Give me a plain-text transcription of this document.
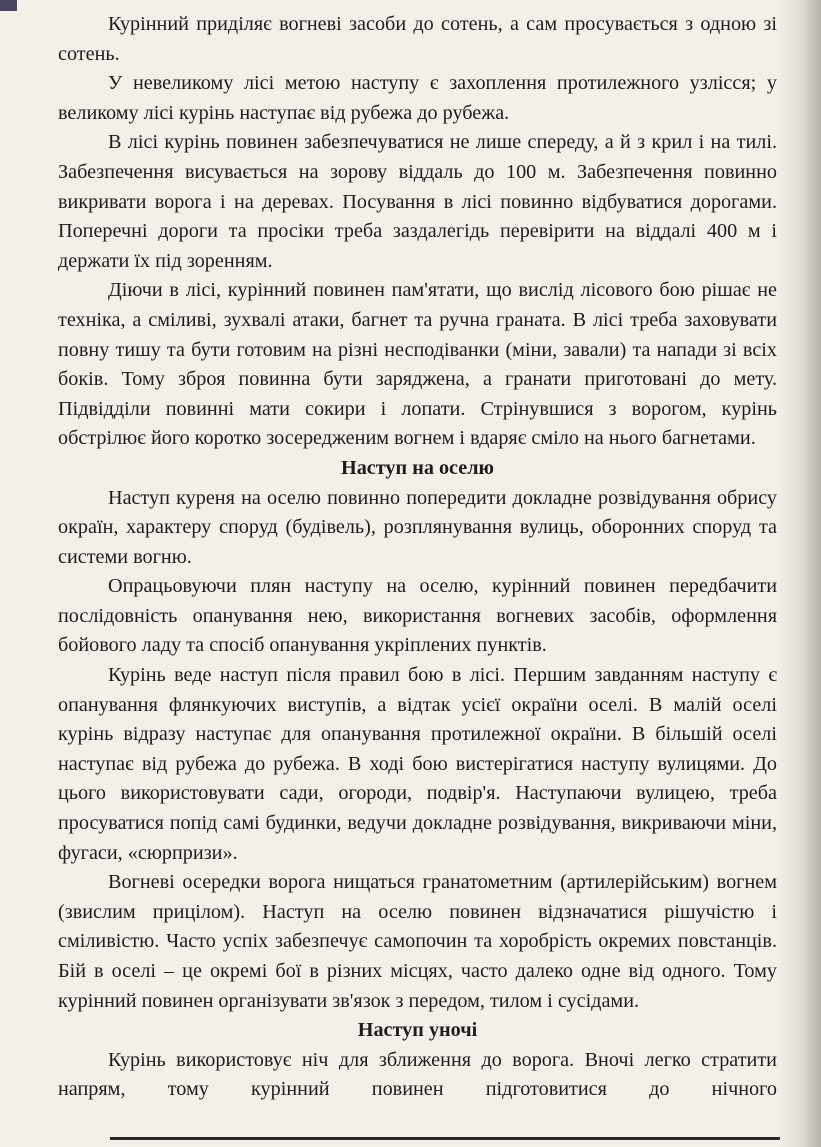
Курінний приділяє вогневі засоби до сотень, а сам просувається з одною зі сотень.

У невеликому лісі метою наступу є захоплення протилежного узлісся; у великому лісі курінь наступає від рубежа до рубежа.

В лісі курінь повинен забезпечуватися не лише спереду, а й з крил і на тилі. Забезпечення висувається на зорову віддаль до 100 м. Забезпечення повинно викривати ворога і на деревах. Посування в лісі повинно відбуватися дорогами. Поперечні дороги та просіки треба заздалегідь перевірити на віддалі 400 м і держати їх під зоренням.

Діючи в лісі, курінний повинен пам'ятати, що вислід лісового бою рішає не техніка, а сміливі, зухвалі атаки, багнет та ручна граната. В лісі треба заховувати повну тишу та бути готовим на різні несподіванки (міни, завали) та напади зі всіх боків. Тому зброя повинна бути заряджена, а гранати приготовані до мету. Підвідділи повинні мати сокири і лопати. Стрінувшися з ворогом, курінь обстрілює його коротко зосередженим вогнем і вдаряє сміло на нього багнетами.

Наступ на оселю

Наступ куреня на оселю повинно попередити докладне розвідування обрису окраїн, характеру споруд (будівель), розплянування вулиць, оборонних споруд та системи вогню.

Опрацьовуючи плян наступу на оселю, курінний повинен передбачити послідовність опанування нею, використання вогневих засобів, оформлення бойового ладу та спосіб опанування укріплених пунктів.

Курінь веде наступ після правил бою в лісі. Першим завданням наступу є опанування флянкуючих виступів, а відтак усієї окраїни оселі. В малій оселі курінь відразу наступає для опанування протилежної окраїни. В більшій оселі наступає від рубежа до рубежа. В ході бою вистерігатися наступу вулицями. До цього використовувати сади, огороди, подвір'я. Наступаючи вулицею, треба просуватися попід самі будинки, ведучи докладне розвідування, викриваючи міни, фугаси, «сюрпризи».

Вогневі осередки ворога нищаться гранатометним (артилерійським) вогнем (звислим прицілом). Наступ на оселю повинен відзначатися рішучістю і сміливістю. Часто успіх забезпечує самопочин та хоробрість окремих повстанців. Бій в оселі – це окремі бої в різних місцях, часто далеко одне від одного. Тому курінний повинен організувати зв'язок з передом, тилом і сусідами.

Наступ уночі

Курінь використовує ніч для зближення до ворога. Вночі легко стратити напрям, тому курінний повинен підготовитися до нічного
